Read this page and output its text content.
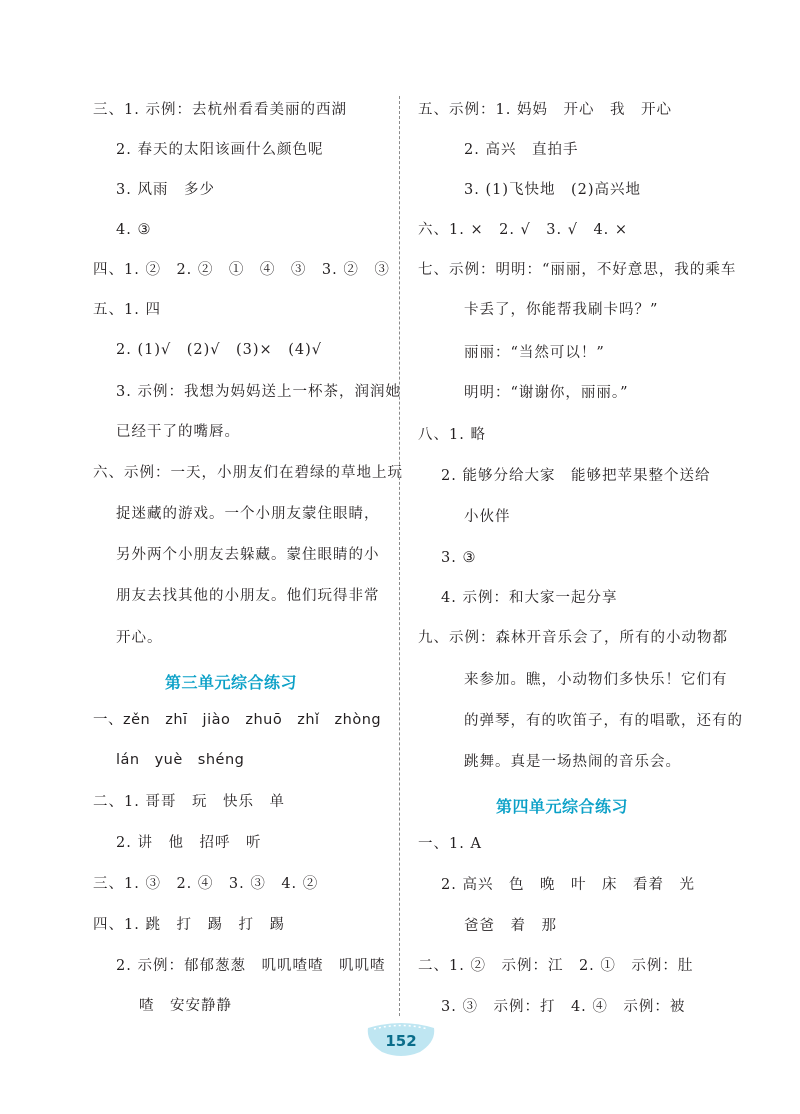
三、1. 示例：去杭州看看美丽的西湖
2. 春天的太阳该画什么颜色呢
3. 风雨　多少
4. ③
四、1. ②　2. ②　①　④　③　3. ②　③
五、1. 四
2. (1)√　(2)√　(3)×　(4)√
3. 示例：我想为妈妈送上一杯茶，润润她
已经干了的嘴唇。
六、示例：一天，小朋友们在碧绿的草地上玩
捉迷藏的游戏。一个小朋友蒙住眼睛，
另外两个小朋友去躲藏。蒙住眼睛的小
朋友去找其他的小朋友。他们玩得非常
开心。
第三单元综合练习
一、zěn　zhī　jiào　zhuō　zhǐ　zhòng
lán　yuè　shéng
二、1. 哥哥　玩　快乐　单
2. 讲　他　招呼　听
三、1. ③　2. ④　3. ③　4. ②
四、1. 跳　打　踢　打　踢
2. 示例：郁郁葱葱　叽叽喳喳　叽叽喳
喳　安安静静
五、示例：1. 妈妈　开心　我　开心
2. 高兴　直拍手
3. (1)飞快地　(2)高兴地
六、1. ×　2. √　3. √　4. ×
七、示例：明明：“丽丽，不好意思，我的乘车
卡丢了，你能帮我刷卡吗？”
丽丽：“当然可以！”
明明：“谢谢你，丽丽。”
八、1. 略
2. 能够分给大家　能够把苹果整个送给
小伙伴
3. ③
4. 示例：和大家一起分享
九、示例：森林开音乐会了，所有的小动物都
来参加。瞧，小动物们多快乐！它们有
的弹琴，有的吹笛子，有的唱歌，还有的
跳舞。真是一场热闹的音乐会。
第四单元综合练习
一、1. A
2. 高兴　色　晚　叶　床　看着　光
爸爸　着　那
二、1. ②　示例：江　2. ①　示例：肚
3. ③　示例：打　4. ④　示例：被
152
